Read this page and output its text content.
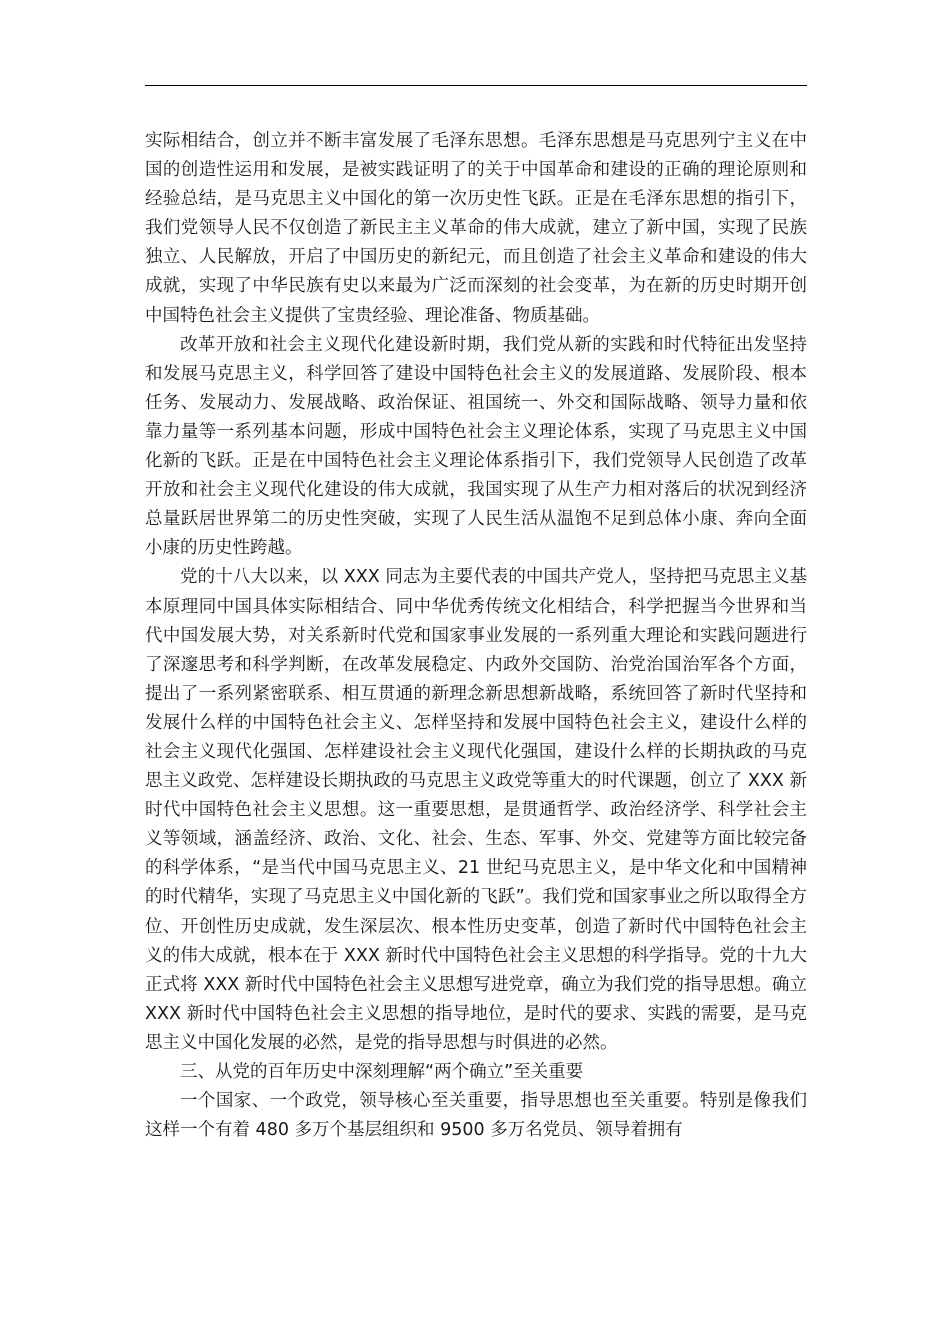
实际相结合，创立并不断丰富发展了毛泽东思想。毛泽东思想是马克思列宁主义在中国的创造性运用和发展，是被实践证明了的关于中国革命和建设的正确的理论原则和经验总结，是马克思主义中国化的第一次历史性飞跃。正是在毛泽东思想的指引下，我们党领导人民不仅创造了新民主主义革命的伟大成就，建立了新中国，实现了民族独立、人民解放，开启了中国历史的新纪元，而且创造了社会主义革命和建设的伟大成就，实现了中华民族有史以来最为广泛而深刻的社会变革，为在新的历史时期开创中国特色社会主义提供了宝贵经验、理论准备、物质基础。

改革开放和社会主义现代化建设新时期，我们党从新的实践和时代特征出发坚持和发展马克思主义，科学回答了建设中国特色社会主义的发展道路、发展阶段、根本任务、发展动力、发展战略、政治保证、祖国统一、外交和国际战略、领导力量和依靠力量等一系列基本问题，形成中国特色社会主义理论体系，实现了马克思主义中国化新的飞跃。正是在中国特色社会主义理论体系指引下，我们党领导人民创造了改革开放和社会主义现代化建设的伟大成就，我国实现了从生产力相对落后的状况到经济总量跃居世界第二的历史性突破，实现了人民生活从温饱不足到总体小康、奔向全面小康的历史性跨越。

党的十八大以来，以 XXX 同志为主要代表的中国共产党人，坚持把马克思主义基本原理同中国具体实际相结合、同中华优秀传统文化相结合，科学把握当今世界和当代中国发展大势，对关系新时代党和国家事业发展的一系列重大理论和实践问题进行了深邃思考和科学判断，在改革发展稳定、内政外交国防、治党治国治军各个方面，提出了一系列紧密联系、相互贯通的新理念新思想新战略，系统回答了新时代坚持和发展什么样的中国特色社会主义、怎样坚持和发展中国特色社会主义，建设什么样的社会主义现代化强国、怎样建设社会主义现代化强国，建设什么样的长期执政的马克思主义政党、怎样建设长期执政的马克思主义政党等重大的时代课题，创立了 XXX 新时代中国特色社会主义思想。这一重要思想，是贯通哲学、政治经济学、科学社会主义等领域，涵盖经济、政治、文化、社会、生态、军事、外交、党建等方面比较完备的科学体系，“是当代中国马克思主义、21 世纪马克思主义，是中华文化和中国精神的时代精华，实现了马克思主义中国化新的飞跃”。我们党和国家事业之所以取得全方位、开创性历史成就，发生深层次、根本性历史变革，创造了新时代中国特色社会主义的伟大成就，根本在于 XXX 新时代中国特色社会主义思想的科学指导。党的十九大正式将 XXX 新时代中国特色社会主义思想写进党章，确立为我们党的指导思想。确立 XXX 新时代中国特色社会主义思想的指导地位，是时代的要求、实践的需要，是马克思主义中国化发展的必然，是党的指导思想与时俱进的必然。

三、从党的百年历史中深刻理解“两个确立”至关重要

一个国家、一个政党，领导核心至关重要，指导思想也至关重要。特别是像我们这样一个有着 480 多万个基层组织和 9500 多万名党员、领导着拥有
